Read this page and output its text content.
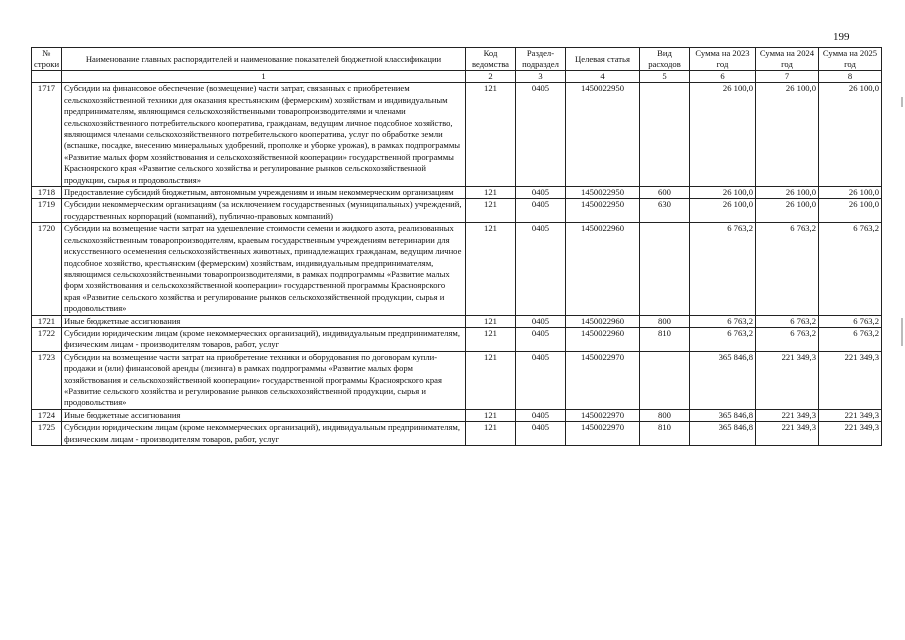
199
№ строки	Наименование главных распорядителей и наименование показателей бюджетной классификации	Код ведомства	Раздел-подраздел	Целевая статья	Вид расходов	Сумма на 2023 год	Сумма на 2024 год	Сумма на 2025 год
	1	2	3	4	5	6	7	8
1717	Субсидии на финансовое обеспечение (возмещение) части затрат, связанных с приобретением сельскохозяйственной техники для оказания крестьянским (фермерским) хозяйствам и индивидуальным предпринимателям, являющимся сельскохозяйственными товаропроизводителями и членами сельскохозяйственного потребительского кооператива, гражданам, ведущим личное подсобное хозяйство, являющимся членами сельскохозяйственного потребительского кооператива, услуг по обработке земли (вспашке, посадке, внесению минеральных удобрений, прополке и уборке урожая), в рамках подпрограммы «Развитие малых форм хозяйствования и сельскохозяйственной кооперации» государственной программы Красноярского края «Развитие сельского хозяйства и регулирование рынков сельскохозяйственной продукции, сырья и продовольствия»	121	0405	1450022950		26 100,0	26 100,0	26 100,0
1718	Предоставление субсидий бюджетным, автономным учреждениям и иным некоммерческим организациям	121	0405	1450022950	600	26 100,0	26 100,0	26 100,0
1719	Субсидии некоммерческим организациям (за исключением государственных (муниципальных) учреждений, государственных корпораций (компаний), публично-правовых компаний)	121	0405	1450022950	630	26 100,0	26 100,0	26 100,0
1720	Субсидии на возмещение части затрат на удешевление стоимости семени и жидкого азота, реализованных сельскохозяйственным товаропроизводителям, краевым государственным учреждениям ветеринарии для искусственного осеменения сельскохозяйственных животных, принадлежащих гражданам, ведущим личное подсобное хозяйство, крестьянским (фермерским) хозяйствам, индивидуальным предпринимателям, являющимся сельскохозяйственными товаропроизводителями, в рамках подпрограммы «Развитие малых форм хозяйствования и сельскохозяйственной кооперации» государственной программы Красноярского края «Развитие сельского хозяйства и регулирование рынков сельскохозяйственной продукции, сырья и продовольствия»	121	0405	1450022960		6 763,2	6 763,2	6 763,2
1721	Иные бюджетные ассигнования	121	0405	1450022960	800	6 763,2	6 763,2	6 763,2
1722	Субсидии юридическим лицам (кроме некоммерческих организаций), индивидуальным предпринимателям, физическим лицам - производителям товаров, работ, услуг	121	0405	1450022960	810	6 763,2	6 763,2	6 763,2
1723	Субсидии на возмещение части затрат на приобретение техники и оборудования по договорам купли-продажи и (или) финансовой аренды (лизинга) в рамках подпрограммы «Развитие малых форм хозяйствования и сельскохозяйственной кооперации» государственной программы Красноярского края «Развитие сельского хозяйства и регулирование рынков сельскохозяйственной продукции, сырья и продовольствия»	121	0405	1450022970		365 846,8	221 349,3	221 349,3
1724	Иные бюджетные ассигнования	121	0405	1450022970	800	365 846,8	221 349,3	221 349,3
1725	Субсидии юридическим лицам (кроме некоммерческих организаций), индивидуальным предпринимателям, физическим лицам - производителям товаров, работ, услуг	121	0405	1450022970	810	365 846,8	221 349,3	221 349,3
